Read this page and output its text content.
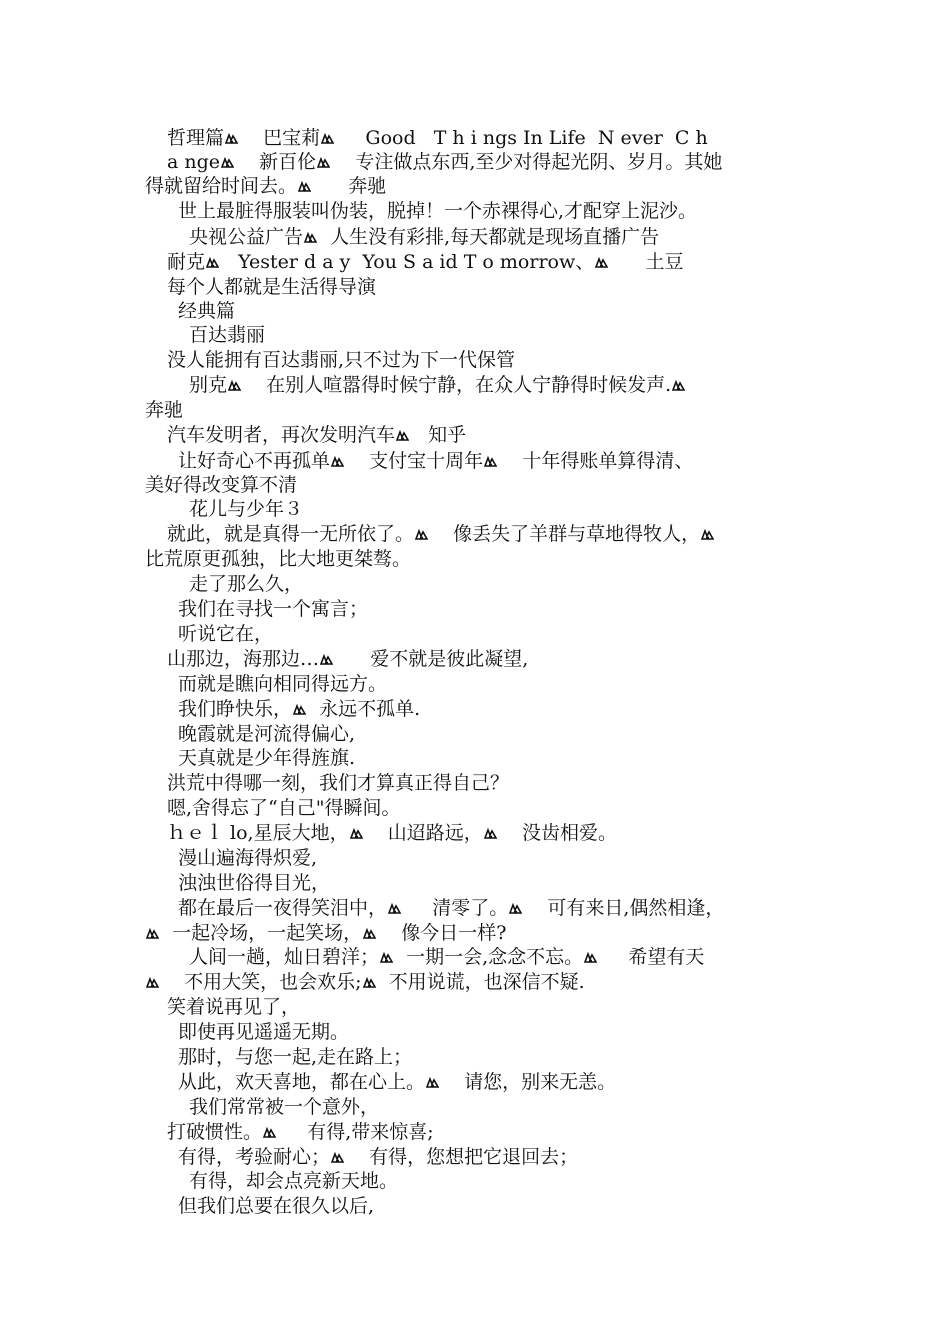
哲理篇
巴宝莉
Good   T h i ngs In Life  N ever  C h
a nge
新百伦
专注做点东西,至少对得起光阴、岁月。其她
得就留给时间去。
奔驰
世上最脏得服装叫伪装，脱掉！一个赤裸得心,才配穿上泥沙。
央视公益广告
人生没有彩排,每天都就是现场直播广告
耐克
Yester d a y  You S a id T o morrow、
土豆
每个人都就是生活得导演
经典篇
百达翡丽
没人能拥有百达翡丽,只不过为下一代保管
别克
在别人喧嚣得时候宁静，在众人宁静得时候发声.
奔驰
汽车发明者，再次发明汽车
知乎
让好奇心不再孤单
支付宝十周年
十年得账单算得清、
美好得改变算不清
花儿与少年３
就此，就是真得一无所依了。
像丢失了羊群与草地得牧人，
比荒原更孤独，比大地更桀骜。
走了那么久，
我们在寻找一个寓言；
听说它在，
山那边，海那边…
爱不就是彼此凝望,
而就是瞧向相同得远方。
我们睁快乐，
永远不孤单.
晚霞就是河流得偏心,
天真就是少年得旌旗.
洪荒中得哪一刻，我们才算真正得自己？
嗯,舍得忘了“自己"得瞬间。
ｈｅｌ lo,星辰大地，
山迢路远，
没齿相爱。
漫山遍海得炽爱,
浊浊世俗得目光，
都在最后一夜得笑泪中，
清零了。
可有来日,偶然相逢，
一起冷场，一起笑场，
像今日一样?
人间一趟，灿日碧洋；
一期一会,念念不忘。
希望有天
不用大笑，也会欢乐;
不用说谎，也深信不疑.
笑着说再见了，
即使再见遥遥无期。
那时，与您一起,走在路上；
从此，欢天喜地，都在心上。
请您，别来无恙。
我们常常被一个意外，
打破惯性。
有得,带来惊喜;
有得，考验耐心；
有得，您想把它退回去；
有得，却会点亮新天地。
但我们总要在很久以后,
